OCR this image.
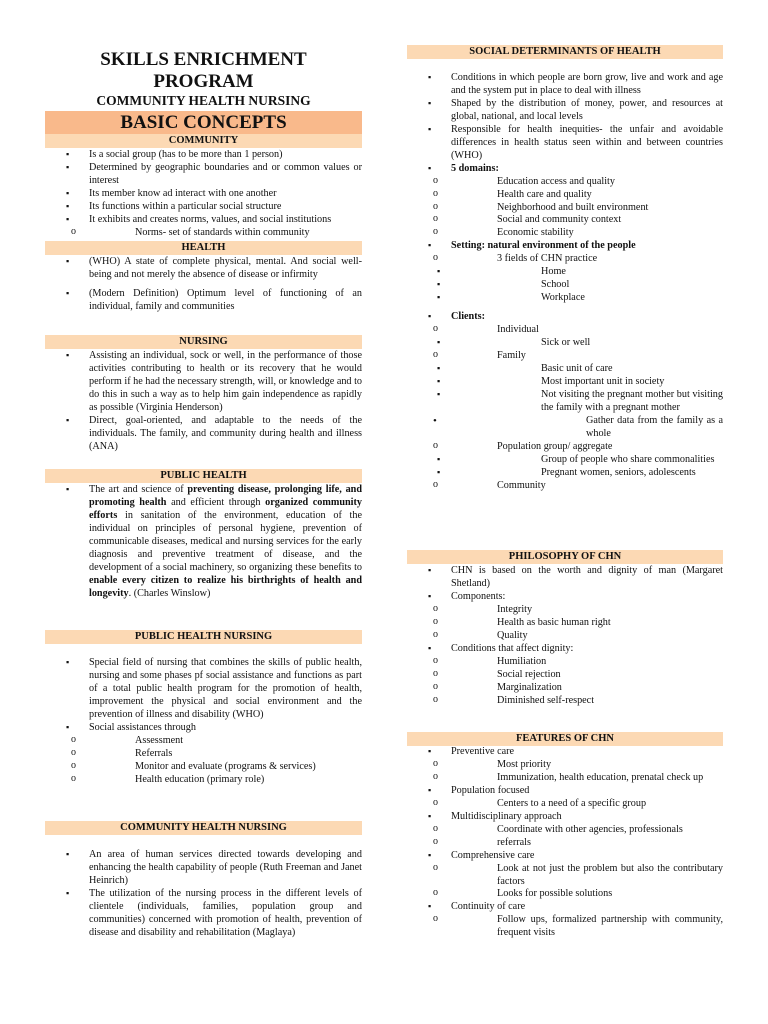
SKILLS ENRICHMENT
PROGRAM
COMMUNITY HEALTH NURSING
BASIC CONCEPTS
COMMUNITY
▪ Is a social group (has to be more than 1 person)
▪ Determined by geographic boundaries and or common values or interest
▪ Its member know ad interact with one another
▪ Its functions within a particular social structure
▪ It exhibits and creates norms, values, and social institutions
o Norms- set of standards within community
HEALTH
▪ (WHO) A state of complete physical, mental. And social well-being and not merely the absence of disease or infirmity
▪ (Modern Definition) Optimum level of functioning of an individual, family and communities
NURSING
▪ Assisting an individual, sock or well, in the performance of those activities contributing to health or its recovery that he would perform if he had the necessary strength, will, or knowledge and to do this in such a way as to help him gain independence as rapidly as possible (Virginia Henderson)
▪ Direct, goal-oriented, and adaptable to the needs of the individuals. The family, and community during health and illness (ANA)
PUBLIC HEALTH
▪ The art and science of preventing disease, prolonging life, and promoting health and efficient through organized community efforts in sanitation of the environment, education of the individual on principles of personal hygiene, prevention of communicable diseases, medical and nursing services for the early diagnosis and preventive treatment of disease, and the development of a social machinery, so organizing these benefits to enable every citizen to realize his birthrights of health and longevity. (Charles Winslow)
PUBLIC HEALTH NURSING
▪ Special field of nursing that combines the skills of public health, nursing and some phases pf social assistance and functions as part of a total public health program for the promotion of health, improvement the physical and social environment and the prevention of illness and disability (WHO)
▪ Social assistances through
o Assessment
o Referrals
o Monitor and evaluate (programs & services)
o Health education (primary role)
COMMUNITY HEALTH NURSING
▪ An area of human services directed towards developing and enhancing the health capability of people (Ruth Freeman and Janet Heinrich)
▪ The utilization of the nursing process in the different levels of clientele (individuals, families, population group and communities) concerned with promotion of health, prevention of disease and disability and rehabilitation (Maglaya)
SOCIAL DETERMINANTS OF HEALTH
▪ Conditions in which people are born grow, live and work and age and the system put in place to deal with illness
▪ Shaped by the distribution of money, power, and resources at global, national, and local levels
▪ Responsible for health inequities- the unfair and avoidable differences in health status seen within and between countries (WHO)
▪ 5 domains:
o Education access and quality
o Health care and quality
o Neighborhood and built environment
o Social and community context
o Economic stability
▪ Setting: natural environment of the people
o 3 fields of CHN practice
▪ Home
▪ School
▪ Workplace
▪ Clients:
o Individual
▪ Sick or well
o Family
▪ Basic unit of care
▪ Most important unit in society
▪ Not visiting the pregnant mother but visiting the family with a pregnant mother
• Gather data from the family as a whole
o Population group/ aggregate
▪ Group of people who share commonalities
▪ Pregnant women, seniors, adolescents
o Community
PHILOSOPHY OF CHN
▪ CHN is based on the worth and dignity of man (Margaret Shetland)
▪ Components:
o Integrity
o Health as basic human right
o Quality
▪ Conditions that affect dignity:
o Humiliation
o Social rejection
o Marginalization
o Diminished self-respect
FEATURES OF CHN
▪ Preventive care
o Most priority
o Immunization, health education, prenatal check up
▪ Population focused
o Centers to a need of a specific group
▪ Multidisciplinary approach
o Coordinate with other agencies, professionals
o referrals
▪ Comprehensive care
o Look at not just the problem but also the contributary factors
o Looks for possible solutions
▪ Continuity of care
o Follow ups, formalized partnership with community, frequent visits
